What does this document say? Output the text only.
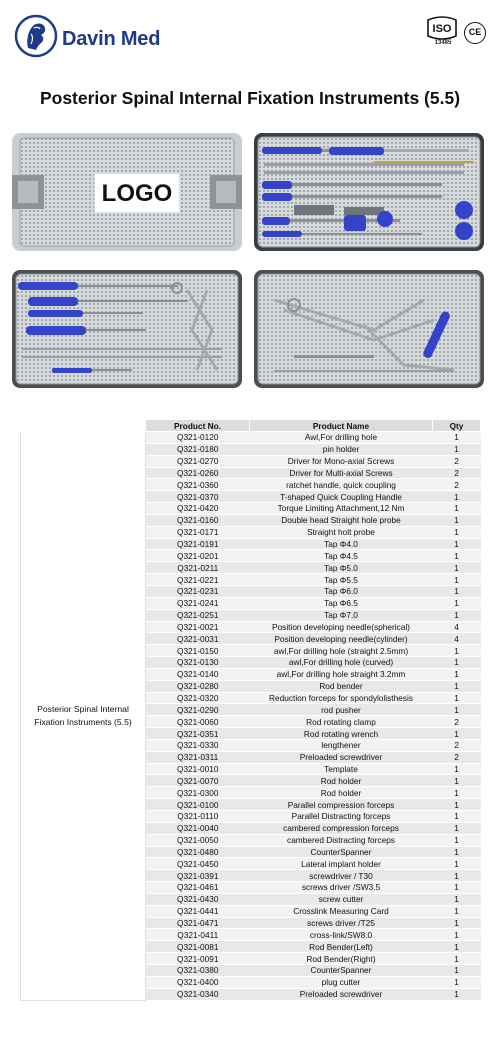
Davin Med	ISO
13485
CE
Posterior Spinal Internal Fixation Instruments (5.5)
LOGO
	Product No.	Product Name	Qty
Posterior Spinal Internal Fixation Instruments (5.5)	Q321-0120	Awl,For drilling hole	1
	Q321-0180	pin holder	1
	Q321-0270	Driver for Mono-axial Screws	2
	Q321-0260	Driver for Multi-axial Screws	2
	Q321-0360	ratchet handle, quick coupling	2
	Q321-0370	T-shaped Quick Coupling Handle	1
	Q321-0420	Torque Limiting Attachment,12 Nm	1
	Q321-0160	Double head Straight hole probe	1
	Q321-0171	Straight holt probe	1
	Q321-0191	Tap Φ4.0	1
	Q321-0201	Tap Φ4.5	1
	Q321-0211	Tap Φ5.0	1
	Q321-0221	Tap Φ5.5	1
	Q321-0231	Tap Φ6.0	1
	Q321-0241	Tap Φ6.5	1
	Q321-0251	Tap Φ7.0	1
	Q321-0021	Position developing needle(spherical)	4
	Q321-0031	Position developing needle(cylinder)	4
	Q321-0150	awl,For drilling hole (straight 2.5mm)	1
	Q321-0130	awl,For drilling hole (curved)	1
	Q321-0140	awl,For drilling hole straight 3.2mm	1
	Q321-0280	Rod bender	1
	Q321-0320	Reduction forceps for spondylolisthesis	1
	Q321-0290	rod pusher	1
	Q321-0060	Rod rotating clamp	2
	Q321-0351	Rod rotating wrench	1
	Q321-0330	lengthener	2
	Q321-0311	Preloaded screwdriver	2
	Q321-0010	Template	1
	Q321-0070	Rod holder	1
	Q321-0300	Rod holder	1
	Q321-0100	Parallel compression forceps	1
	Q321-0110	Parallel Distracting forceps	1
	Q321-0040	cambered compression forceps	1
	Q321-0050	cambered Distracting forceps	1
	Q321-0480	CounterSpanner	1
	Q321-0450	Lateral implant holder	1
	Q321-0391	screwdriver / T30	1
	Q321-0461	screws driver /SW3.5	1
	Q321-0430	screw cutter	1
	Q321-0441	Crosslink Measuring Card	1
	Q321-0471	screws driver /T25	1
	Q321-0411	cross-link/SW8.0	1
	Q321-0081	Rod Bender(Left)	1
	Q321-0091	Rod Bender(Right)	1
	Q321-0380	CounterSpanner	1
	Q321-0400	plug cutter	1
	Q321-0340	Preloaded screwdriver	1
